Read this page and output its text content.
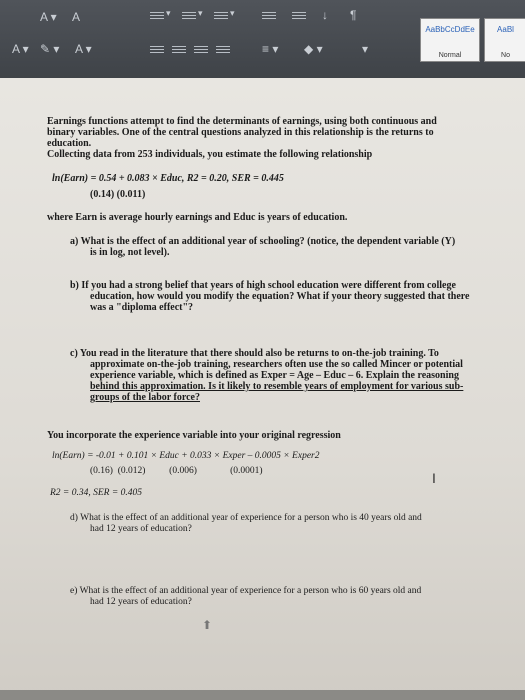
A ▾ A	▾	▾	▾	↓ ¶
A ▾ ✎ ▾ A ▾	≡ ▾ ◆ ▾	▾
AaBbCcDdEe
Normal
AaBl
No
Earnings functions attempt to find the determinants of earnings, using both continuous and
binary variables. One of the central questions analyzed in this relationship is the returns to
education.
Collecting data from 253 individuals, you estimate the following relationship
ln(Earn) = 0.54 + 0.083 × Educ, R2 = 0.20, SER = 0.445
(0.14) (0.011)
where Earn is average hourly earnings and Educ is years of education.
a) What is the effect of an additional year of schooling? (notice, the dependent variable (Y)
is in log, not level).
b) If you had a strong belief that years of high school education were different from college
education, how would you modify the equation? What if your theory suggested that there
was a "diploma effect"?
c) You read in the literature that there should also be returns to on-the-job training. To
approximate on-the-job training, researchers often use the so called Mincer or potential
experience variable, which is defined as Exper = Age – Educ – 6. Explain the reasoning
behind this approximation. Is it likely to resemble years of employment for various sub-
groups of the labor force?
You incorporate the experience variable into your original regression
ln(Earn) = -0.01 + 0.101 × Educ + 0.033 × Exper – 0.0005 × Exper2
(0.16)  (0.012)          (0.006)              (0.0001)	I
R2 = 0.34, SER = 0.405
d) What is the effect of an additional year of experience for a person who is 40 years old and
had 12 years of education?
e) What is the effect of an additional year of experience for a person who is 60 years old and
had 12 years of education?
⬆
